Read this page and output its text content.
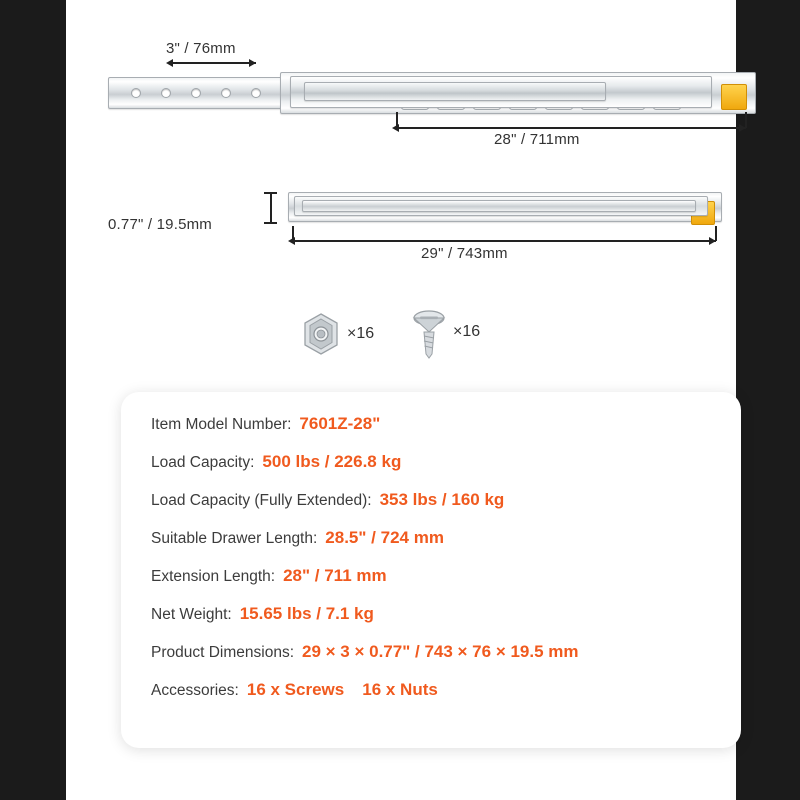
3" / 76mm
28" / 711mm
0.77" / 19.5mm
29" / 743mm
×16	×16
Item Model Number: 7601Z-28"
Load Capacity: 500 lbs / 226.8 kg
Load Capacity (Fully Extended): 353 lbs / 160 kg
Suitable Drawer Length: 28.5" / 724 mm
Extension Length: 28" / 711 mm
Net Weight: 15.65 lbs / 7.1 kg
Product Dimensions: 29 × 3 × 0.77" / 743 × 76 × 19.5 mm
Accessories: 16 x Screws 16 x Nuts
